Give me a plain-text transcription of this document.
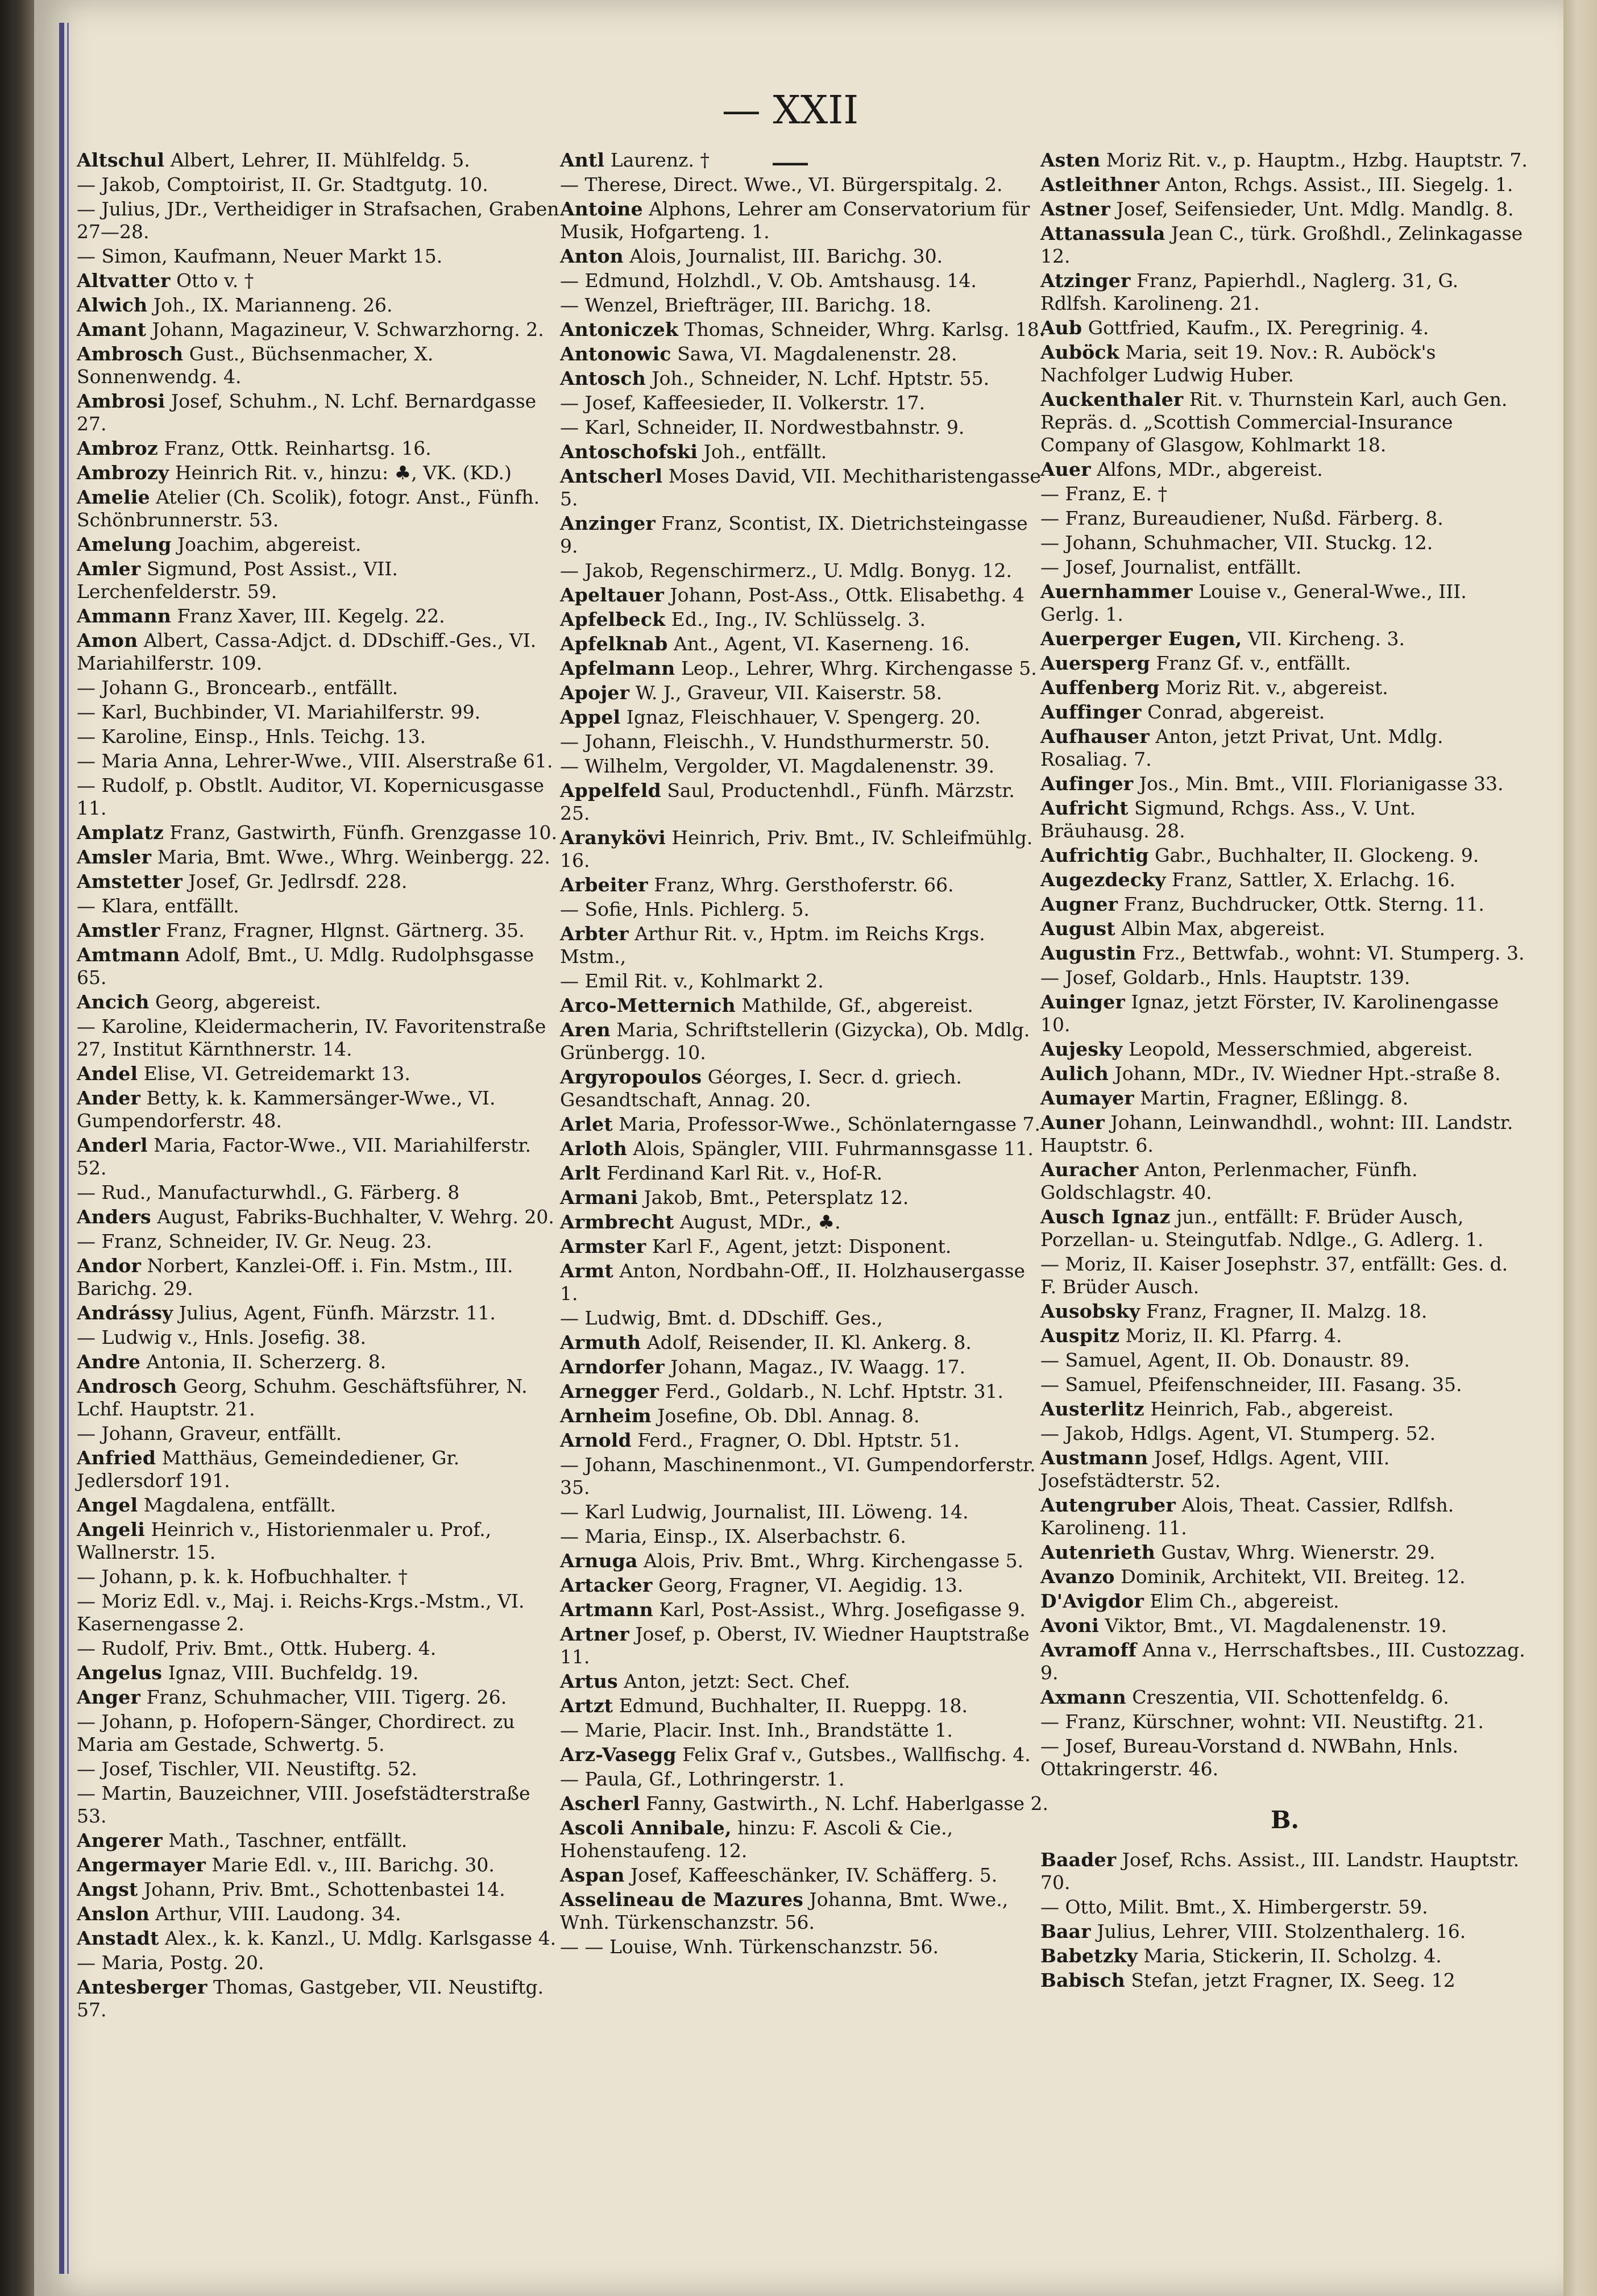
— XXII —
Altschul Albert, Lehrer, II. Mühlfeldg. 5.
— Jakob, Comptoirist, II. Gr. Stadtgutg. 10.
— Julius, JDr., Vertheidiger in Strafsachen, Graben 27—28.
— Simon, Kaufmann, Neuer Markt 15.
Altvatter Otto v. †
Alwich Joh., IX. Marianneng. 26.
Amant Johann, Magazineur, V. Schwarzhorng. 2.
Ambrosch Gust., Büchsenmacher, X. Sonnenwendg. 4.
Ambrosi Josef, Schuhm., N. Lchf. Bernardgasse 27.
Ambroz Franz, Ottk. Reinhartsg. 16.
Ambrozy Heinrich Rit. v., hinzu: ♣, VK. (KD.)
Amelie Atelier (Ch. Scolik), fotogr. Anst., Fünfh. Schönbrunnerstr. 53.
Amelung Joachim, abgereist.
Amler Sigmund, Post Assist., VII. Lerchenfelderstr. 59.
Ammann Franz Xaver, III. Kegelg. 22.
Amon Albert, Cassa-Adjct. d. DDschiff.-Ges., VI. Mariahilferstr. 109.
— Johann G., Broncearb., entfällt.
— Karl, Buchbinder, VI. Mariahilferstr. 99.
— Karoline, Einsp., Hnls. Teichg. 13.
— Maria Anna, Lehrer-Wwe., VIII. Alserstraße 61.
— Rudolf, p. Obstlt. Auditor, VI. Kopernicusgasse 11.
Amplatz Franz, Gastwirth, Fünfh. Grenzgasse 10.
Amsler Maria, Bmt. Wwe., Whrg. Weinbergg. 22.
Amstetter Josef, Gr. Jedlrsdf. 228.
— Klara, entfällt.
Amstler Franz, Fragner, Hlgnst. Gärtnerg. 35.
Amtmann Adolf, Bmt., U. Mdlg. Rudolphsgasse 65.
Ancich Georg, abgereist.
— Karoline, Kleidermacherin, IV. Favoritenstraße 27, Institut Kärnthnerstr. 14.
Andel Elise, VI. Getreidemarkt 13.
Ander Betty, k. k. Kammersänger-Wwe., VI. Gumpendorferstr. 48.
Anderl Maria, Factor-Wwe., VII. Mariahilferstr. 52.
— Rud., Manufacturwhdl., G. Färberg. 8
Anders August, Fabriks-Buchhalter, V. Wehrg. 20.
— Franz, Schneider, IV. Gr. Neug. 23.
Andor Norbert, Kanzlei-Off. i. Fin. Mstm., III. Barichg. 29.
Andrássy Julius, Agent, Fünfh. Märzstr. 11.
— Ludwig v., Hnls. Josefig. 38.
Andre Antonia, II. Scherzerg. 8.
Androsch Georg, Schuhm. Geschäftsführer, N. Lchf. Hauptstr. 21.
— Johann, Graveur, entfällt.
Anfried Matthäus, Gemeindediener, Gr. Jedlersdorf 191.
Angel Magdalena, entfällt.
Angeli Heinrich v., Historienmaler u. Prof., Wallnerstr. 15.
— Johann, p. k. k. Hofbuchhalter. †
— Moriz Edl. v., Maj. i. Reichs-Krgs.-Mstm., VI. Kasernengasse 2.
— Rudolf, Priv. Bmt., Ottk. Huberg. 4.
Angelus Ignaz, VIII. Buchfeldg. 19.
Anger Franz, Schuhmacher, VIII. Tigerg. 26.
— Johann, p. Hofopern-Sänger, Chordirect. zu Maria am Gestade, Schwertg. 5.
— Josef, Tischler, VII. Neustiftg. 52.
— Martin, Bauzeichner, VIII. Josefstädterstraße 53.
Angerer Math., Taschner, entfällt.
Angermayer Marie Edl. v., III. Barichg. 30.
Angst Johann, Priv. Bmt., Schottenbastei 14.
Anslon Arthur, VIII. Laudong. 34.
Anstadt Alex., k. k. Kanzl., U. Mdlg. Karlsgasse 4.
— Maria, Postg. 20.
Antesberger Thomas, Gastgeber, VII. Neustiftg. 57.
Antl Laurenz. †
— Therese, Direct. Wwe., VI. Bürgerspitalg. 2.
Antoine Alphons, Lehrer am Conservatorium für Musik, Hofgarteng. 1.
Anton Alois, Journalist, III. Barichg. 30.
— Edmund, Holzhdl., V. Ob. Amtshausg. 14.
— Wenzel, Briefträger, III. Barichg. 18.
Antoniczek Thomas, Schneider, Whrg. Karlsg. 18.
Antonowic Sawa, VI. Magdalenenstr. 28.
Antosch Joh., Schneider, N. Lchf. Hptstr. 55.
— Josef, Kaffeesieder, II. Volkerstr. 17.
— Karl, Schneider, II. Nordwestbahnstr. 9.
Antoschofski Joh., entfällt.
Antscherl Moses David, VII. Mechitharistengasse 5.
Anzinger Franz, Scontist, IX. Dietrichsteingasse 9.
— Jakob, Regenschirmerz., U. Mdlg. Bonyg. 12.
Apeltauer Johann, Post-Ass., Ottk. Elisabethg. 4
Apfelbeck Ed., Ing., IV. Schlüsselg. 3.
Apfelknab Ant., Agent, VI. Kaserneng. 16.
Apfelmann Leop., Lehrer, Whrg. Kirchengasse 5.
Apojer W. J., Graveur, VII. Kaiserstr. 58.
Appel Ignaz, Fleischhauer, V. Spengerg. 20.
— Johann, Fleischh., V. Hundsthurmerstr. 50.
— Wilhelm, Vergolder, VI. Magdalenenstr. 39.
Appelfeld Saul, Productenhdl., Fünfh. Märzstr. 25.
Aranykövi Heinrich, Priv. Bmt., IV. Schleifmühlg. 16.
Arbeiter Franz, Whrg. Gersthoferstr. 66.
— Sofie, Hnls. Pichlerg. 5.
Arbter Arthur Rit. v., Hptm. im Reichs Krgs. Mstm.,
— Emil Rit. v., Kohlmarkt 2.
Arco-Metternich Mathilde, Gf., abgereist.
Aren Maria, Schriftstellerin (Gizycka), Ob. Mdlg. Grünbergg. 10.
Argyropoulos Géorges, I. Secr. d. griech. Gesandtschaft, Annag. 20.
Arlet Maria, Professor-Wwe., Schönlaterngasse 7.
Arloth Alois, Spängler, VIII. Fuhrmannsgasse 11.
Arlt Ferdinand Karl Rit. v., Hof-R.
Armani Jakob, Bmt., Petersplatz 12.
Armbrecht August, MDr., ♣.
Armster Karl F., Agent, jetzt: Disponent.
Armt Anton, Nordbahn-Off., II. Holzhausergasse 1.
— Ludwig, Bmt. d. DDschiff. Ges.,
Armuth Adolf, Reisender, II. Kl. Ankerg. 8.
Arndorfer Johann, Magaz., IV. Waagg. 17.
Arnegger Ferd., Goldarb., N. Lchf. Hptstr. 31.
Arnheim Josefine, Ob. Dbl. Annag. 8.
Arnold Ferd., Fragner, O. Dbl. Hptstr. 51.
— Johann, Maschinenmont., VI. Gumpendorferstr. 35.
— Karl Ludwig, Journalist, III. Löweng. 14.
— Maria, Einsp., IX. Alserbachstr. 6.
Arnuga Alois, Priv. Bmt., Whrg. Kirchengasse 5.
Artacker Georg, Fragner, VI. Aegidig. 13.
Artmann Karl, Post-Assist., Whrg. Josefigasse 9.
Artner Josef, p. Oberst, IV. Wiedner Hauptstraße 11.
Artus Anton, jetzt: Sect. Chef.
Artzt Edmund, Buchhalter, II. Rueppg. 18.
— Marie, Placir. Inst. Inh., Brandstätte 1.
Arz-Vasegg Felix Graf v., Gutsbes., Wallfischg. 4.
— Paula, Gf., Lothringerstr. 1.
Ascherl Fanny, Gastwirth., N. Lchf. Haberlgasse 2.
Ascoli Annibale, hinzu: F. Ascoli & Cie., Hohenstaufeng. 12.
Aspan Josef, Kaffeeschänker, IV. Schäfferg. 5.
Asselineau de Mazures Johanna, Bmt. Wwe., Wnh. Türkenschanzstr. 56.
— — Louise, Wnh. Türkenschanzstr. 56.
Asten Moriz Rit. v., p. Hauptm., Hzbg. Hauptstr. 7.
Astleithner Anton, Rchgs. Assist., III. Siegelg. 1.
Astner Josef, Seifensieder, Unt. Mdlg. Mandlg. 8.
Attanassula Jean C., türk. Großhdl., Zelinkagasse 12.
Atzinger Franz, Papierhdl., Naglerg. 31, G. Rdlfsh. Karolineng. 21.
Aub Gottfried, Kaufm., IX. Peregrinig. 4.
Auböck Maria, seit 19. Nov.: R. Auböck's Nachfolger Ludwig Huber.
Auckenthaler Rit. v. Thurnstein Karl, auch Gen. Repräs. d. „Scottish Commercial-Insurance Company of Glasgow, Kohlmarkt 18.
Auer Alfons, MDr., abgereist.
— Franz, E. †
— Franz, Bureaudiener, Nußd. Färberg. 8.
— Johann, Schuhmacher, VII. Stuckg. 12.
— Josef, Journalist, entfällt.
Auernhammer Louise v., General-Wwe., III. Gerlg. 1.
Auerperger Eugen, VII. Kircheng. 3.
Auersperg Franz Gf. v., entfällt.
Auffenberg Moriz Rit. v., abgereist.
Auffinger Conrad, abgereist.
Aufhauser Anton, jetzt Privat, Unt. Mdlg. Rosaliag. 7.
Aufinger Jos., Min. Bmt., VIII. Florianigasse 33.
Aufricht Sigmund, Rchgs. Ass., V. Unt. Bräuhausg. 28.
Aufrichtig Gabr., Buchhalter, II. Glockeng. 9.
Augezdecky Franz, Sattler, X. Erlachg. 16.
Augner Franz, Buchdrucker, Ottk. Sterng. 11.
August Albin Max, abgereist.
Augustin Frz., Bettwfab., wohnt: VI. Stumperg. 3.
— Josef, Goldarb., Hnls. Hauptstr. 139.
Auinger Ignaz, jetzt Förster, IV. Karolinengasse 10.
Aujesky Leopold, Messerschmied, abgereist.
Aulich Johann, MDr., IV. Wiedner Hpt.-straße 8.
Aumayer Martin, Fragner, Eßlingg. 8.
Auner Johann, Leinwandhdl., wohnt: III. Landstr. Hauptstr. 6.
Auracher Anton, Perlenmacher, Fünfh. Goldschlagstr. 40.
Ausch Ignaz jun., entfällt: F. Brüder Ausch, Porzellan- u. Steingutfab. Ndlge., G. Adlerg. 1.
— Moriz, II. Kaiser Josephstr. 37, entfällt: Ges. d. F. Brüder Ausch.
Ausobsky Franz, Fragner, II. Malzg. 18.
Auspitz Moriz, II. Kl. Pfarrg. 4.
— Samuel, Agent, II. Ob. Donaustr. 89.
— Samuel, Pfeifenschneider, III. Fasang. 35.
Austerlitz Heinrich, Fab., abgereist.
— Jakob, Hdlgs. Agent, VI. Stumperg. 52.
Austmann Josef, Hdlgs. Agent, VIII. Josefstädterstr. 52.
Autengruber Alois, Theat. Cassier, Rdlfsh. Karolineng. 11.
Autenrieth Gustav, Whrg. Wienerstr. 29.
Avanzo Dominik, Architekt, VII. Breiteg. 12.
D'Avigdor Elim Ch., abgereist.
Avoni Viktor, Bmt., VI. Magdalenenstr. 19.
Avramoff Anna v., Herrschaftsbes., III. Custozzag. 9.
Axmann Creszentia, VII. Schottenfeldg. 6.
— Franz, Kürschner, wohnt: VII. Neustiftg. 21.
— Josef, Bureau-Vorstand d. NWBahn, Hnls. Ottakringerstr. 46.
B.
Baader Josef, Rchs. Assist., III. Landstr. Hauptstr. 70.
— Otto, Milit. Bmt., X. Himbergerstr. 59.
Baar Julius, Lehrer, VIII. Stolzenthalerg. 16.
Babetzky Maria, Stickerin, II. Scholzg. 4.
Babisch Stefan, jetzt Fragner, IX. Seeg. 12
